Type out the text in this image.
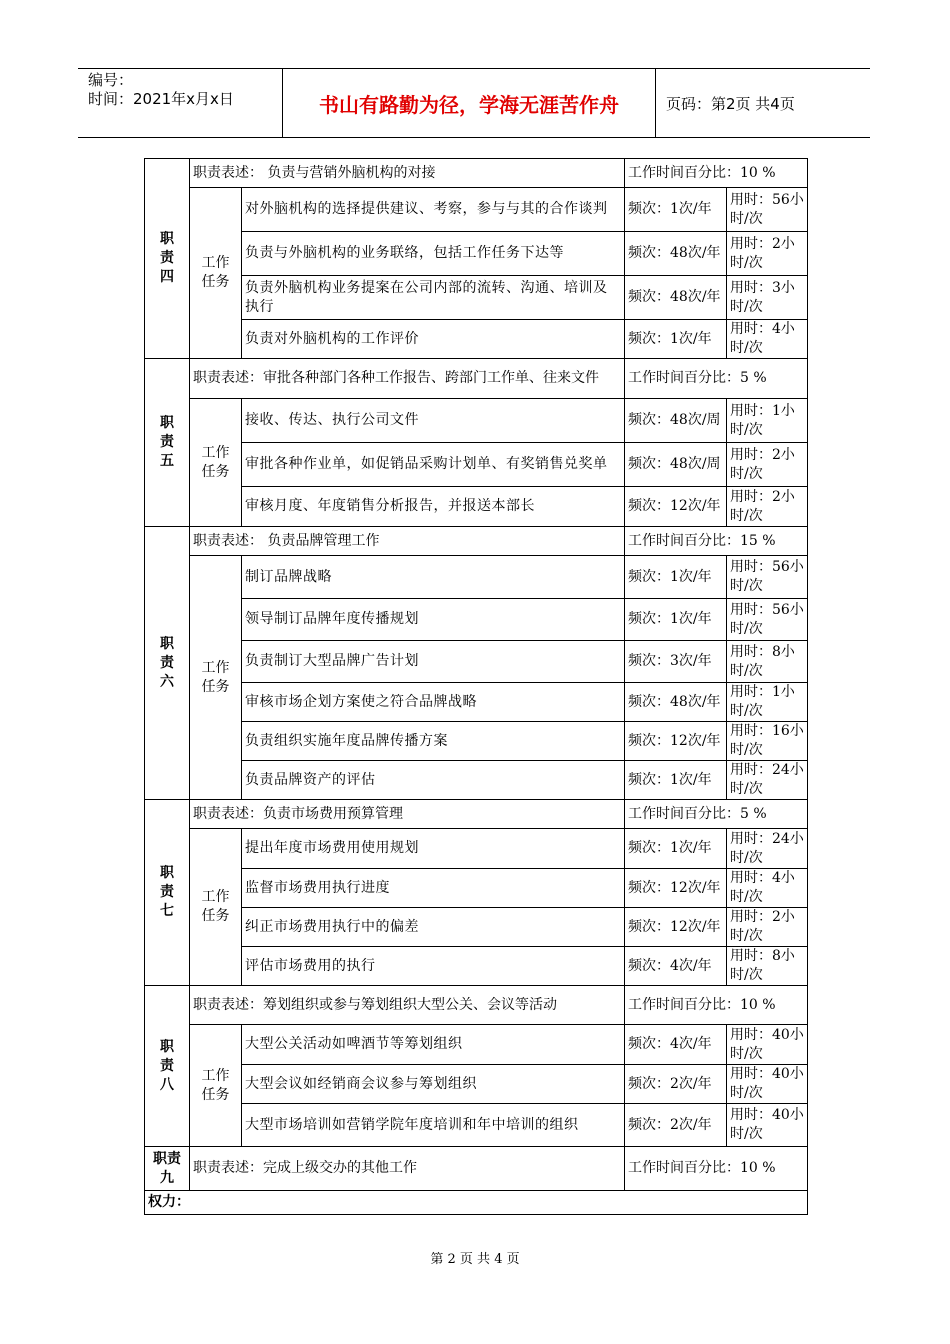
编号：
时间：2021年x月x日	书山有路勤为径，学海无涯苦作舟	页码：第2页 共4页
职责四	职责表述： 负责与营销外脑机构的对接		工作时间百分比：10 %	
	工作任务	对外脑机构的选择提供建议、考察，参与与其的合作谈判	频次：1次/年	用时：56小时/次
		负责与外脑机构的业务联络，包括工作任务下达等	频次：48次/年	用时：2小时/次
		负责外脑机构业务提案在公司内部的流转、沟通、培训及执行	频次：48次/年	用时：3小时/次
		负责对外脑机构的工作评价	频次：1次/年	用时：4小时/次
职责五	职责表述：审批各种部门各种工作报告、跨部门工作单、往来文件		工作时间百分比：5 %	
	工作任务	接收、传达、执行公司文件	频次：48次/周	用时：1小时/次
		审批各种作业单，如促销品采购计划单、有奖销售兑奖单	频次：48次/周	用时：2小时/次
		审核月度、年度销售分析报告，并报送本部长	频次：12次/年	用时：2小时/次
职责六	职责表述： 负责品牌管理工作		工作时间百分比：15 %	
	工作任务	制订品牌战略	频次：1次/年	用时：56小时/次
		领导制订品牌年度传播规划	频次：1次/年	用时：56小时/次
		负责制订大型品牌广告计划	频次：3次/年	用时：8小时/次
		审核市场企划方案使之符合品牌战略	频次：48次/年	用时：1小时/次
		负责组织实施年度品牌传播方案	频次：12次/年	用时：16小时/次
		负责品牌资产的评估	频次：1次/年	用时：24小时/次
职责七	职责表述：负责市场费用预算管理		工作时间百分比：5 %	
	工作任务	提出年度市场费用使用规划	频次：1次/年	用时：24小时/次
		监督市场费用执行进度	频次：12次/年	用时：4小时/次
		纠正市场费用执行中的偏差	频次：12次/年	用时：2小时/次
		评估市场费用的执行	频次：4次/年	用时：8小时/次
职责八	职责表述：筹划组织或参与筹划组织大型公关、会议等活动		工作时间百分比：10 %	
	工作任务	大型公关活动如啤酒节等筹划组织	频次：4次/年	用时：40小时/次
		大型会议如经销商会议参与筹划组织	频次：2次/年	用时：40小时/次
		大型市场培训如营销学院年度培训和年中培训的组织	频次：2次/年	用时：40小时/次
职责九	职责表述：完成上级交办的其他工作		工作时间百分比：10 %	
权力：				
第 2 页 共 4 页
